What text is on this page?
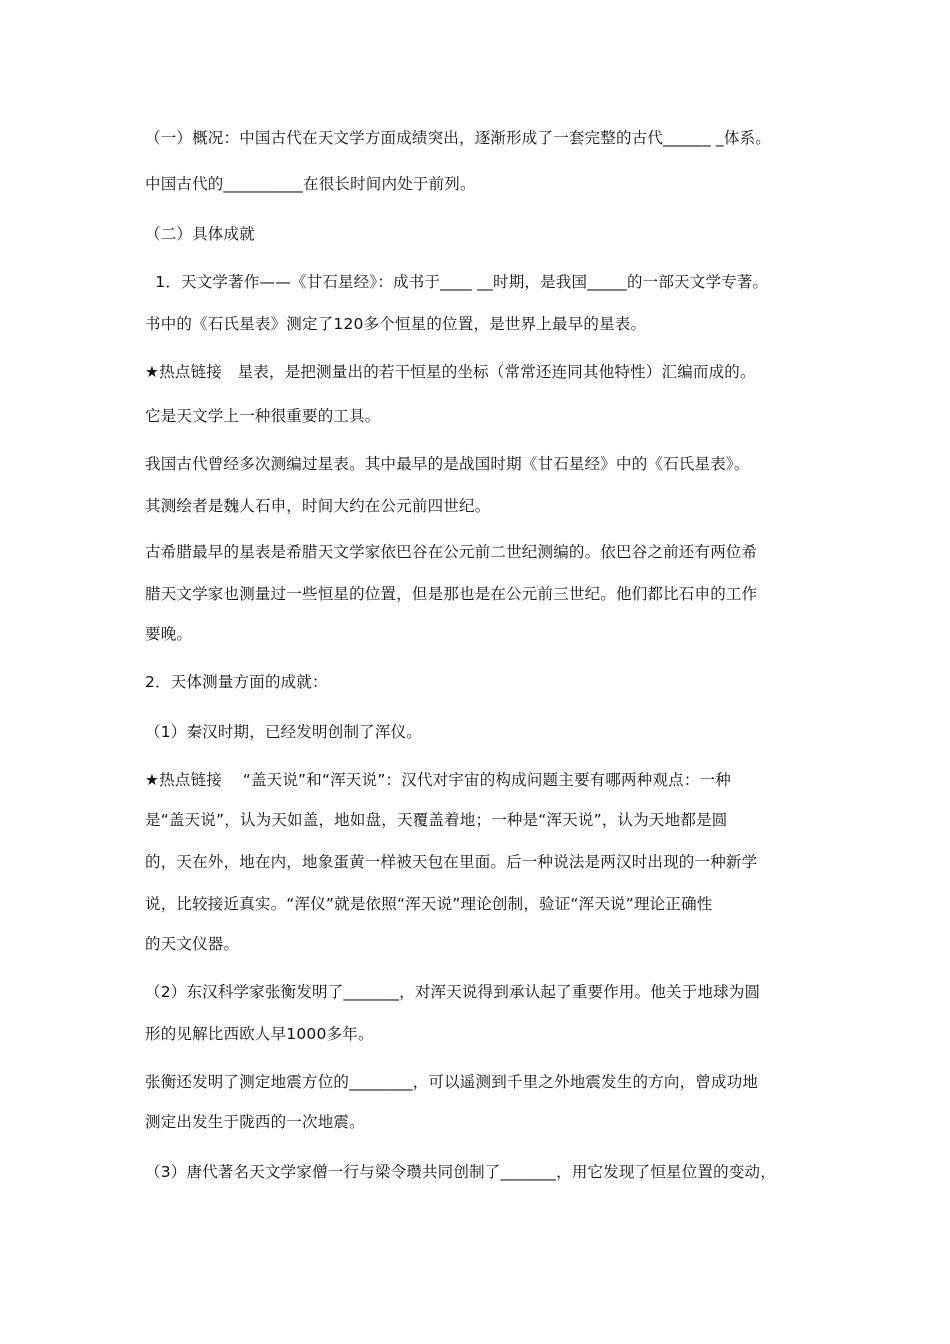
（一）概况：中国古代在天文学方面成绩突出，逐渐形成了一套完整的古代______ _体系。
中国古代的__________在很长时间内处于前列。
（二）具体成就
1．天文学著作——《甘石星经》：成书于____ __时期，是我国_____的一部天文学专著。
书中的《石氏星表》测定了120多个恒星的位置，是世界上最早的星表。
★热点链接　星表，是把测量出的若干恒星的坐标（常常还连同其他特性）汇编而成的。
它是天文学上一种很重要的工具。
我国古代曾经多次测编过星表。其中最早的是战国时期《甘石星经》中的《石氏星表》。
其测绘者是魏人石申，时间大约在公元前四世纪。
古希腊最早的星表是希腊天文学家依巴谷在公元前二世纪测编的。依巴谷之前还有两位希
腊天文学家也测量过一些恒星的位置，但是那也是在公元前三世纪。他们都比石申的工作
要晚。
2．天体测量方面的成就：
（1）秦汉时期，已经发明创制了浑仪。
★热点链接　 “盖天说”和“浑天说”：汉代对宇宙的构成问题主要有哪两种观点：一种
是“盖天说”，认为天如盖，地如盘，天覆盖着地；一种是“浑天说”，认为天地都是圆
的，天在外，地在内，地象蛋黄一样被天包在里面。后一种说法是两汉时出现的一种新学
说，比较接近真实。“浑仪”就是依照“浑天说”理论创制，验证“浑天说”理论正确性
的天文仪器。
（2）东汉科学家张衡发明了_______，对浑天说得到承认起了重要作用。他关于地球为圆
形的见解比西欧人早1000多年。
张衡还发明了测定地震方位的________，可以遥测到千里之外地震发生的方向，曾成功地
测定出发生于陇西的一次地震。
（3）唐代著名天文学家僧一行与梁令瓒共同创制了_______，用它发现了恒星位置的变动，
